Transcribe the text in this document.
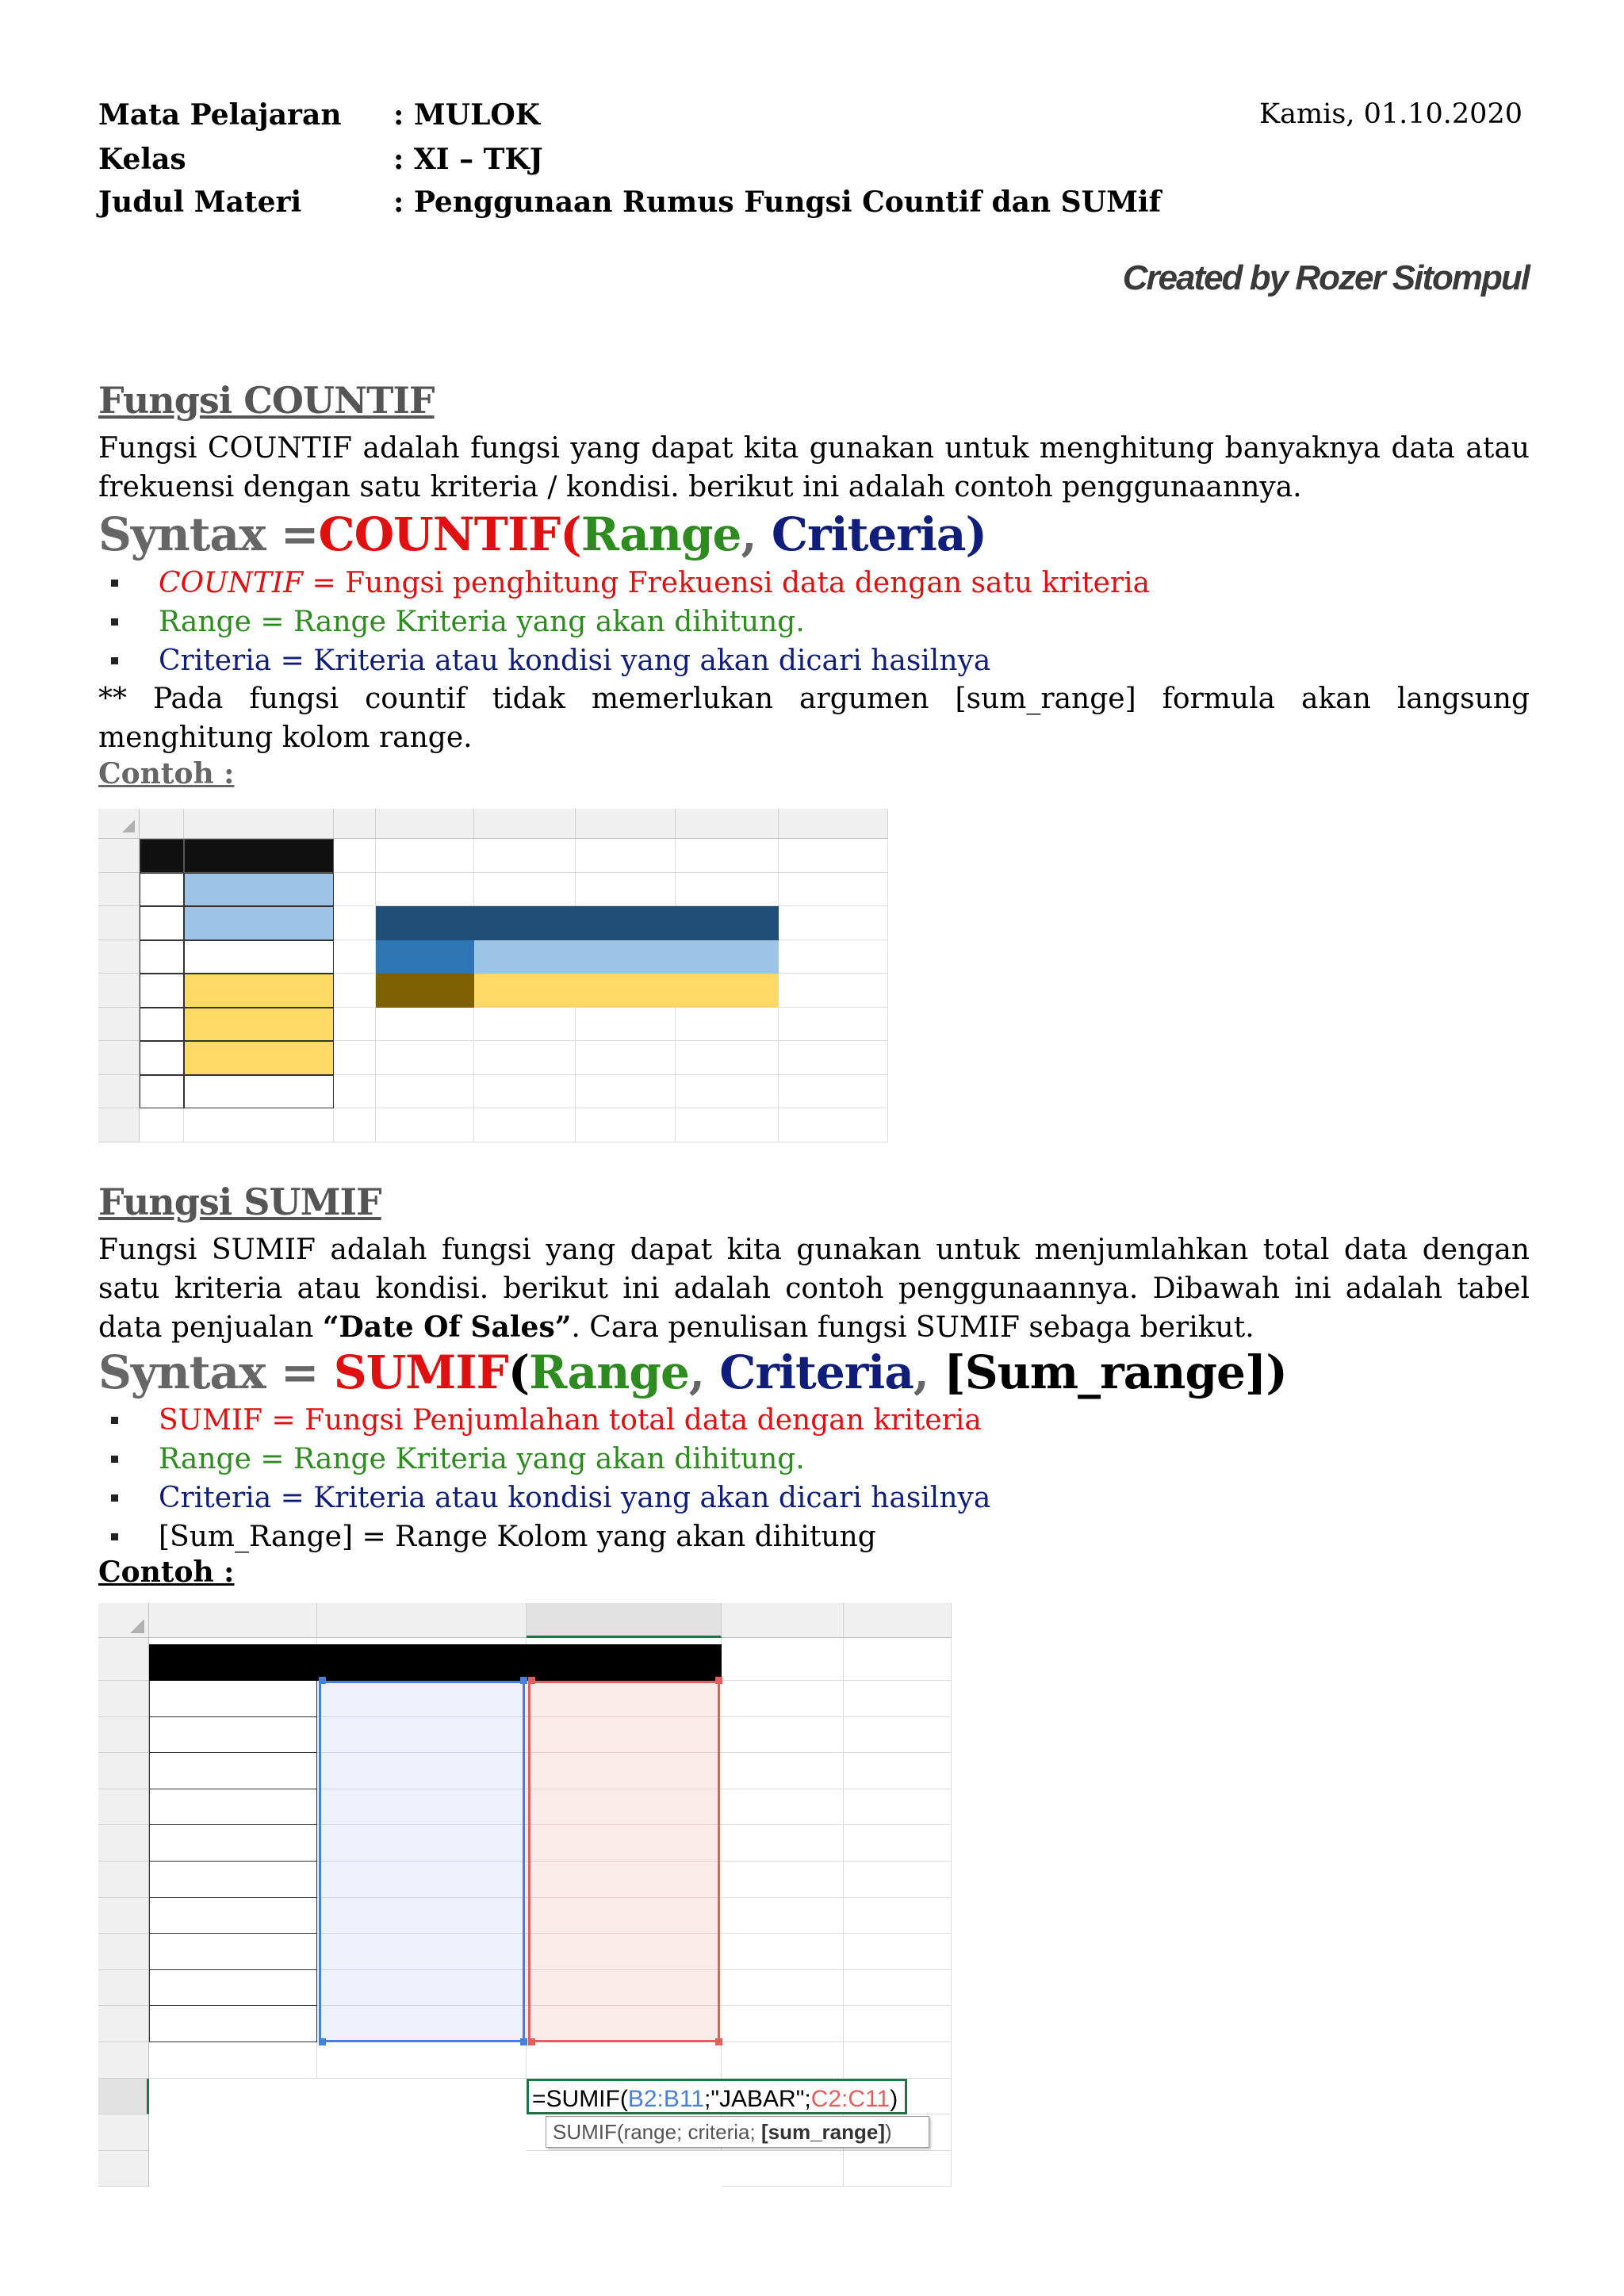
Mata Pelajaran : MULOK	Kamis, 01.10.2020
Kelas	: XI – TKJ
Judul Materi	: Penggunaan Rumus Fungsi Countif dan SUMif
Created by Rozer Sitompul
Fungsi COUNTIF
Fungsi COUNTIF adalah fungsi yang dapat kita gunakan untuk menghitung banyaknya data atau frekuensi dengan satu kriteria / kondisi. berikut ini adalah contoh penggunaannya.
Syntax =COUNTIF(Range, Criteria)
COUNTIF = Fungsi penghitung Frekuensi data dengan satu kriteria
Range = Range Kriteria yang akan dihitung.
Criteria = Kriteria atau kondisi yang akan dicari hasilnya
** Pada fungsi countif tidak memerlukan argumen [sum_range] formula akan langsung menghitung kolom range.
Contoh :
Fungsi SUMIF
Fungsi SUMIF adalah fungsi yang dapat kita gunakan untuk menjumlahkan total data dengan satu kriteria atau kondisi. berikut ini adalah contoh penggunaannya. Dibawah ini adalah tabel data penjualan “Date Of Sales”. Cara penulisan fungsi SUMIF sebaga berikut.
Syntax = SUMIF(Range, Criteria, [Sum_range])
SUMIF = Fungsi Penjumlahan total data dengan kriteria
Range = Range Kriteria yang akan dihitung.
Criteria = Kriteria atau kondisi yang akan dicari hasilnya
[Sum_Range] = Range Kolom yang akan dihitung
Contoh :
=SUMIF(B2:B11;"JABAR";C2:C11)
SUMIF(range; criteria; [sum_range])
